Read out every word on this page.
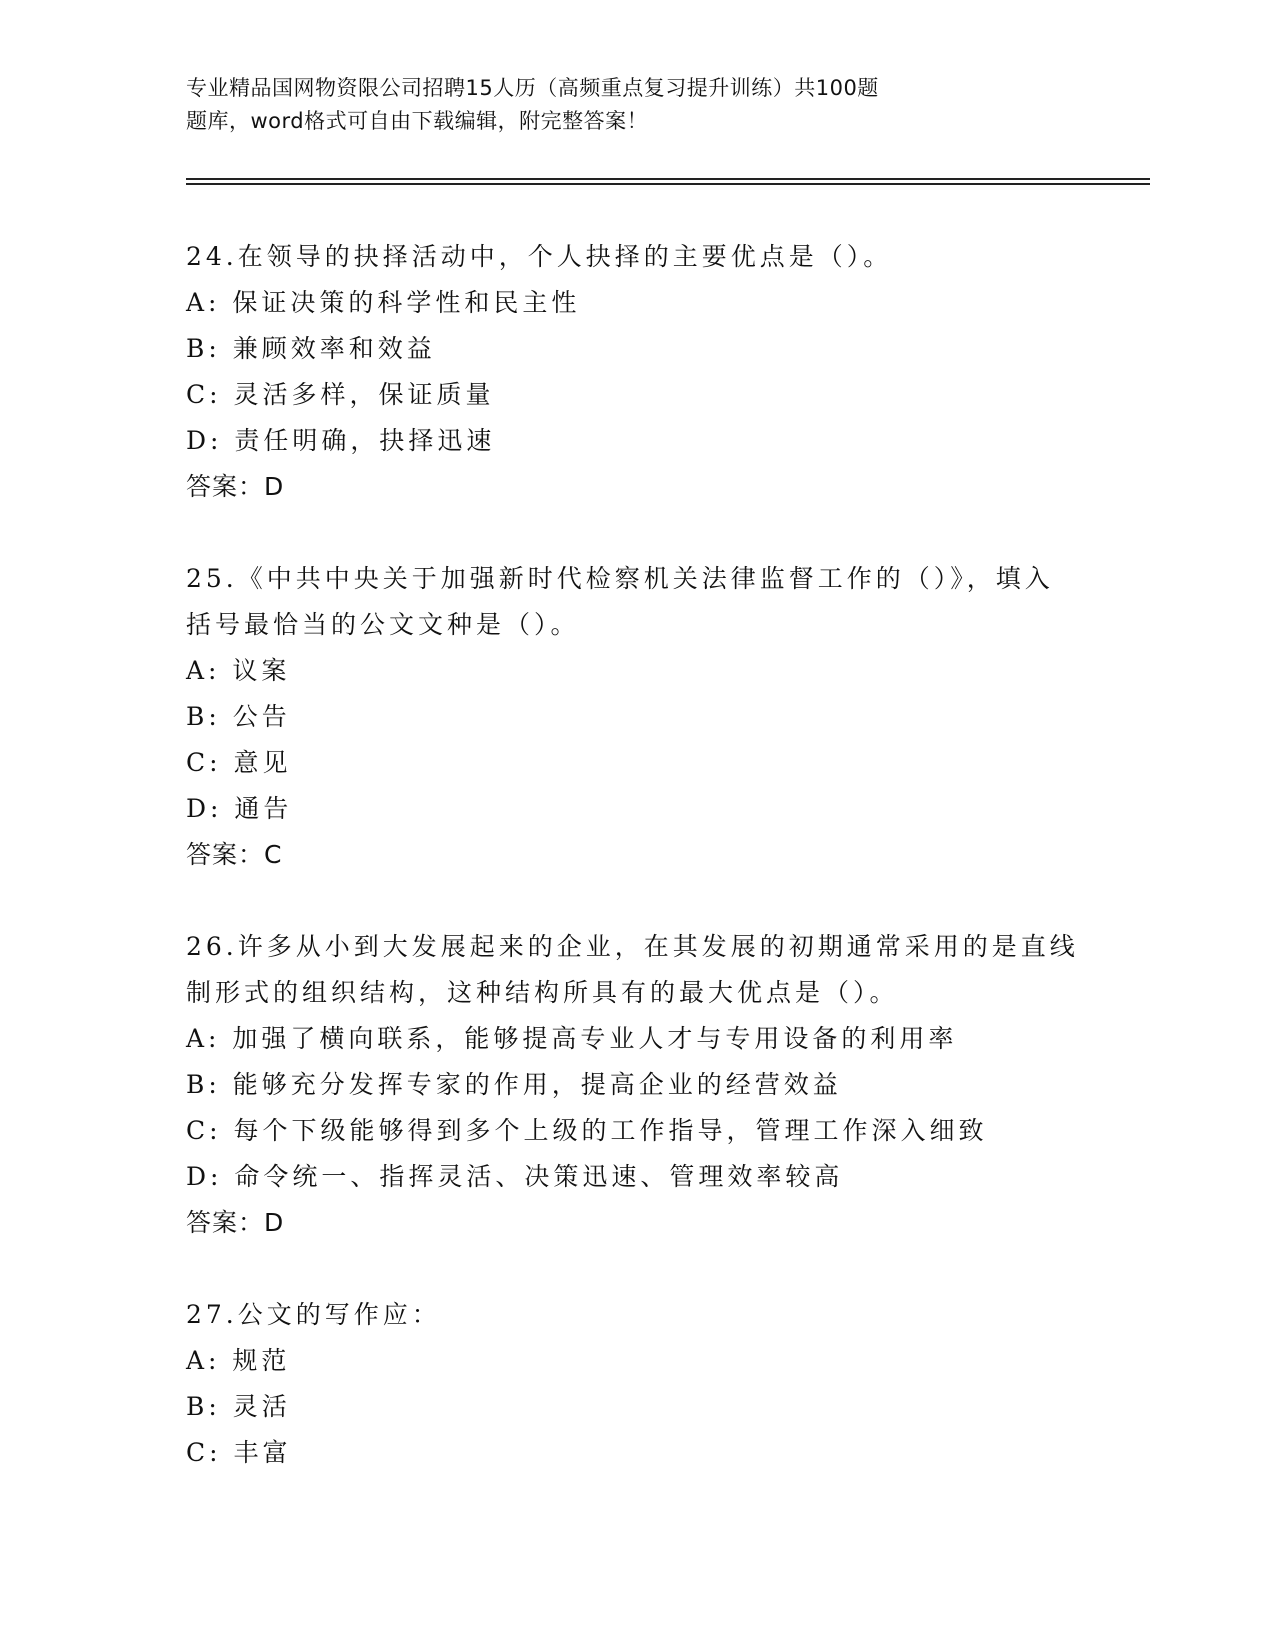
专业精品国网物资限公司招聘15人历（高频重点复习提升训练）共100题
题库，word格式可自由下载编辑，附完整答案！
24.在领导的抉择活动中，个人抉择的主要优点是（）。
A: 保证决策的科学性和民主性
B: 兼顾效率和效益
C: 灵活多样，保证质量
D: 责任明确，抉择迅速
答案：D
25.《中共中央关于加强新时代检察机关法律监督工作的（）》，填入
括号最恰当的公文文种是（）。
A: 议案
B: 公告
C: 意见
D: 通告
答案：C
26.许多从小到大发展起来的企业，在其发展的初期通常采用的是直线
制形式的组织结构，这种结构所具有的最大优点是（）。
A: 加强了横向联系，能够提高专业人才与专用设备的利用率
B: 能够充分发挥专家的作用，提高企业的经营效益
C: 每个下级能够得到多个上级的工作指导，管理工作深入细致
D: 命令统一、指挥灵活、决策迅速、管理效率较高
答案：D
27.公文的写作应：
A: 规范
B: 灵活
C: 丰富
